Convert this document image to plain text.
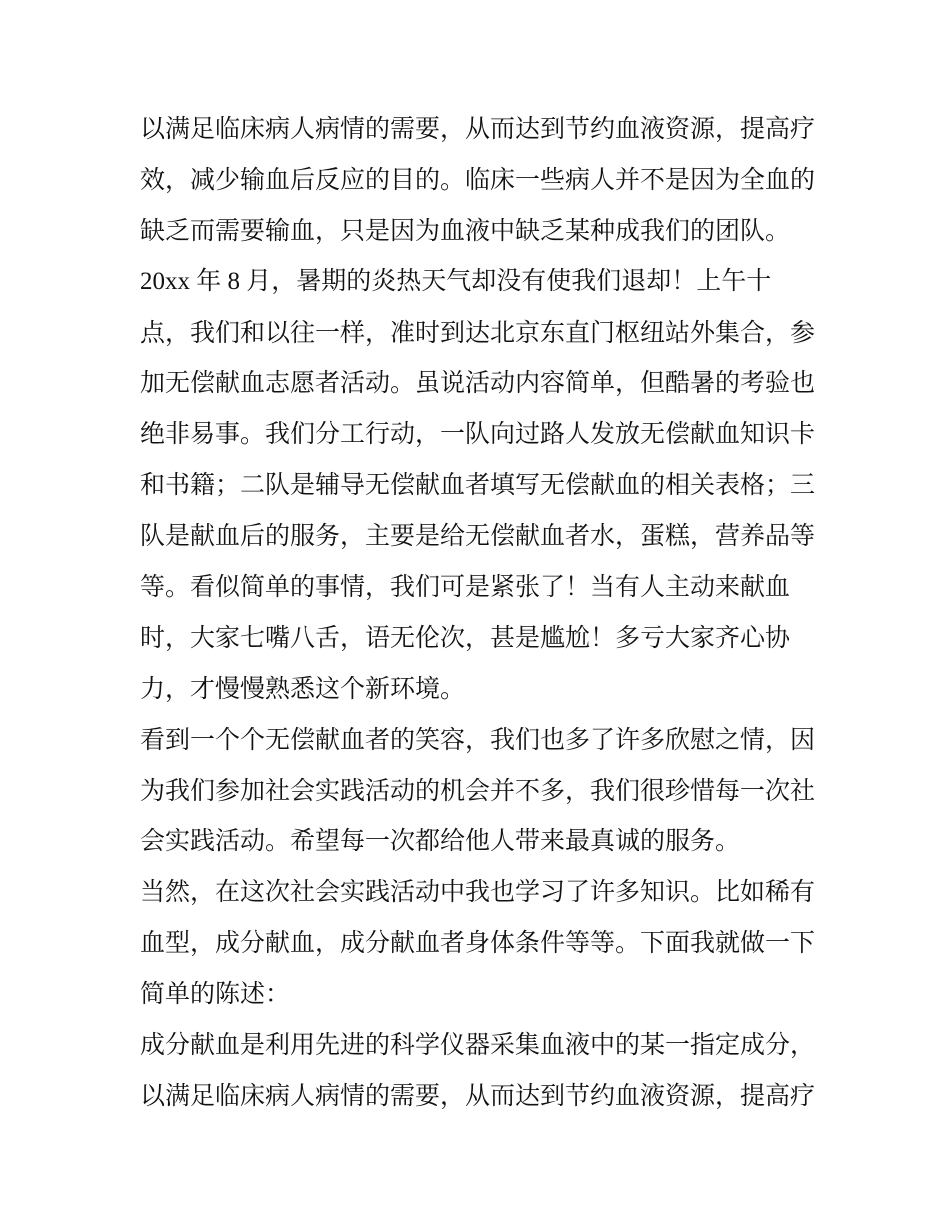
以满足临床病人病情的需要，从而达到节约血液资源，提高疗
效，减少输血后反应的目的。临床一些病人并不是因为全血的
缺乏而需要输血，只是因为血液中缺乏某种成我们的团队。
20xx 年 8 月，暑期的炎热天气却没有使我们退却！上午十
点，我们和以往一样，准时到达北京东直门枢纽站外集合，参
加无偿献血志愿者活动。虽说活动内容简单，但酷暑的考验也
绝非易事。我们分工行动，一队向过路人发放无偿献血知识卡
和书籍；二队是辅导无偿献血者填写无偿献血的相关表格；三
队是献血后的服务，主要是给无偿献血者水，蛋糕，营养品等
等。看似简单的事情，我们可是紧张了！当有人主动来献血
时，大家七嘴八舌，语无伦次，甚是尴尬！多亏大家齐心协
力，才慢慢熟悉这个新环境。
看到一个个无偿献血者的笑容，我们也多了许多欣慰之情，因
为我们参加社会实践活动的机会并不多，我们很珍惜每一次社
会实践活动。希望每一次都给他人带来最真诚的服务。
当然，在这次社会实践活动中我也学习了许多知识。比如稀有
血型，成分献血，成分献血者身体条件等等。下面我就做一下
简单的陈述：
成分献血是利用先进的科学仪器采集血液中的某一指定成分，
以满足临床病人病情的需要，从而达到节约血液资源，提高疗
